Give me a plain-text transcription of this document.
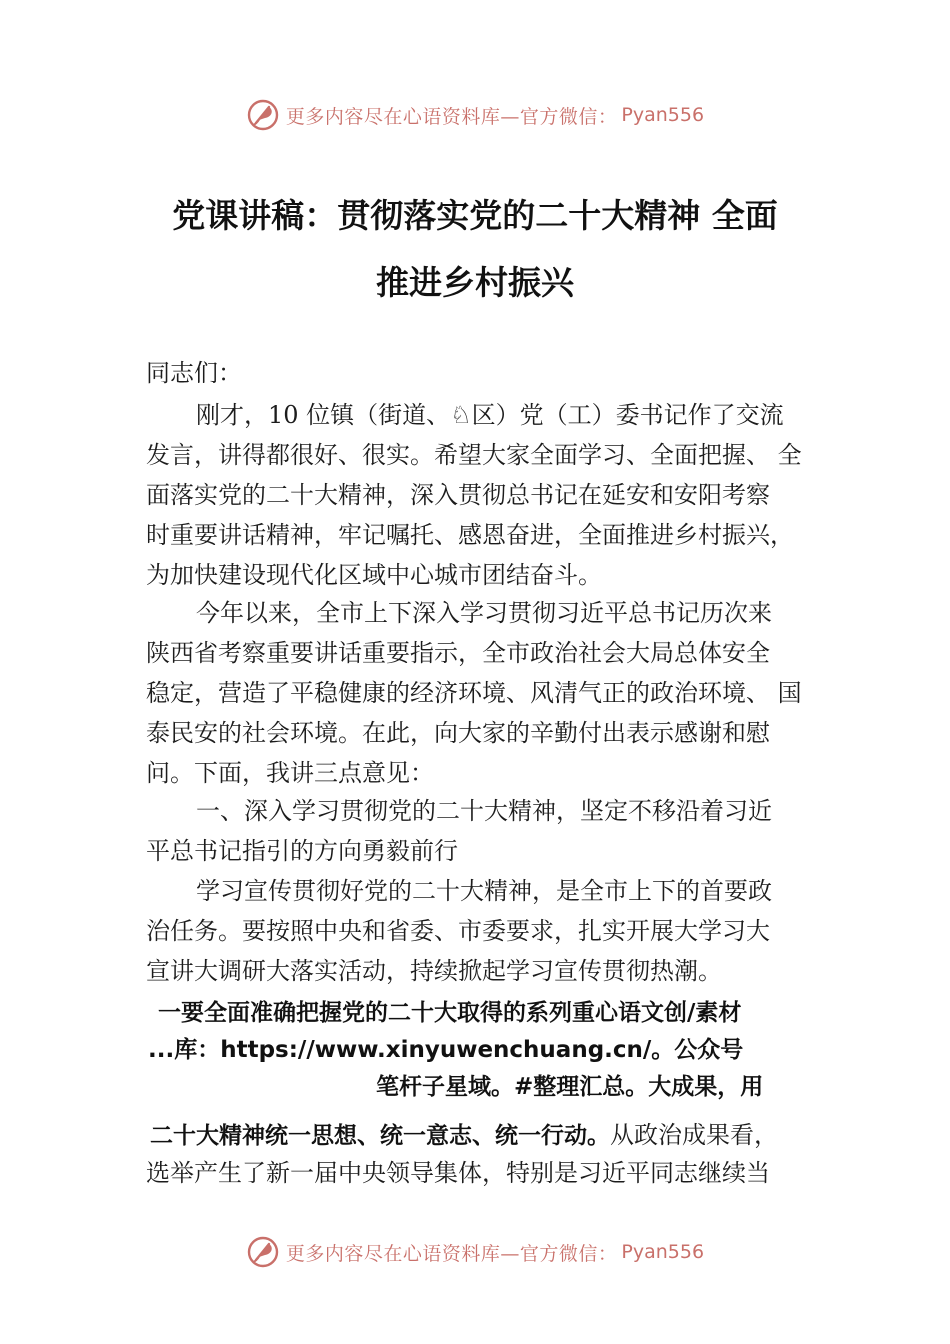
更多内容尽在心语资料库—官方微信： Pyan556
党课讲稿：贯彻落实党的二十大精神 全面
推进乡村振兴
同志们：
刚才，10 位镇（街道、♘区）党（工）委书记作了交流
发言，讲得都很好、很实。希望大家全面学习、全面把握、 全
面落实党的二十大精神，深入贯彻总书记在延安和安阳考察
时重要讲话精神，牢记嘱托、感恩奋进，全面推进乡村振兴，
为加快建设现代化区域中心城市团结奋斗。
今年以来，全市上下深入学习贯彻习近平总书记历次来
陕西省考察重要讲话重要指示，全市政治社会大局总体安全
稳定，营造了平稳健康的经济环境、风清气正的政治环境、 国
泰民安的社会环境。在此，向大家的辛勤付出表示感谢和慰
问。下面，我讲三点意见：
一、深入学习贯彻党的二十大精神，坚定不移沿着习近
平总书记指引的方向勇毅前行
学习宣传贯彻好党的二十大精神，是全市上下的首要政
治任务。要按照中央和省委、市委要求，扎实开展大学习大
宣讲大调研大落实活动，持续掀起学习宣传贯彻热潮。
一要全面准确把握党的二十大取得的系列重心语文创/素材
...库：https://www.xinyuwenchuang.cn/。公众号
笔杆子星域。#整理汇总。大成果，用
二十大精神统一思想、统一意志、统一行动。从政治成果看，
选举产生了新一届中央领导集体，特别是习近平同志继续当
更多内容尽在心语资料库—官方微信： Pyan556
